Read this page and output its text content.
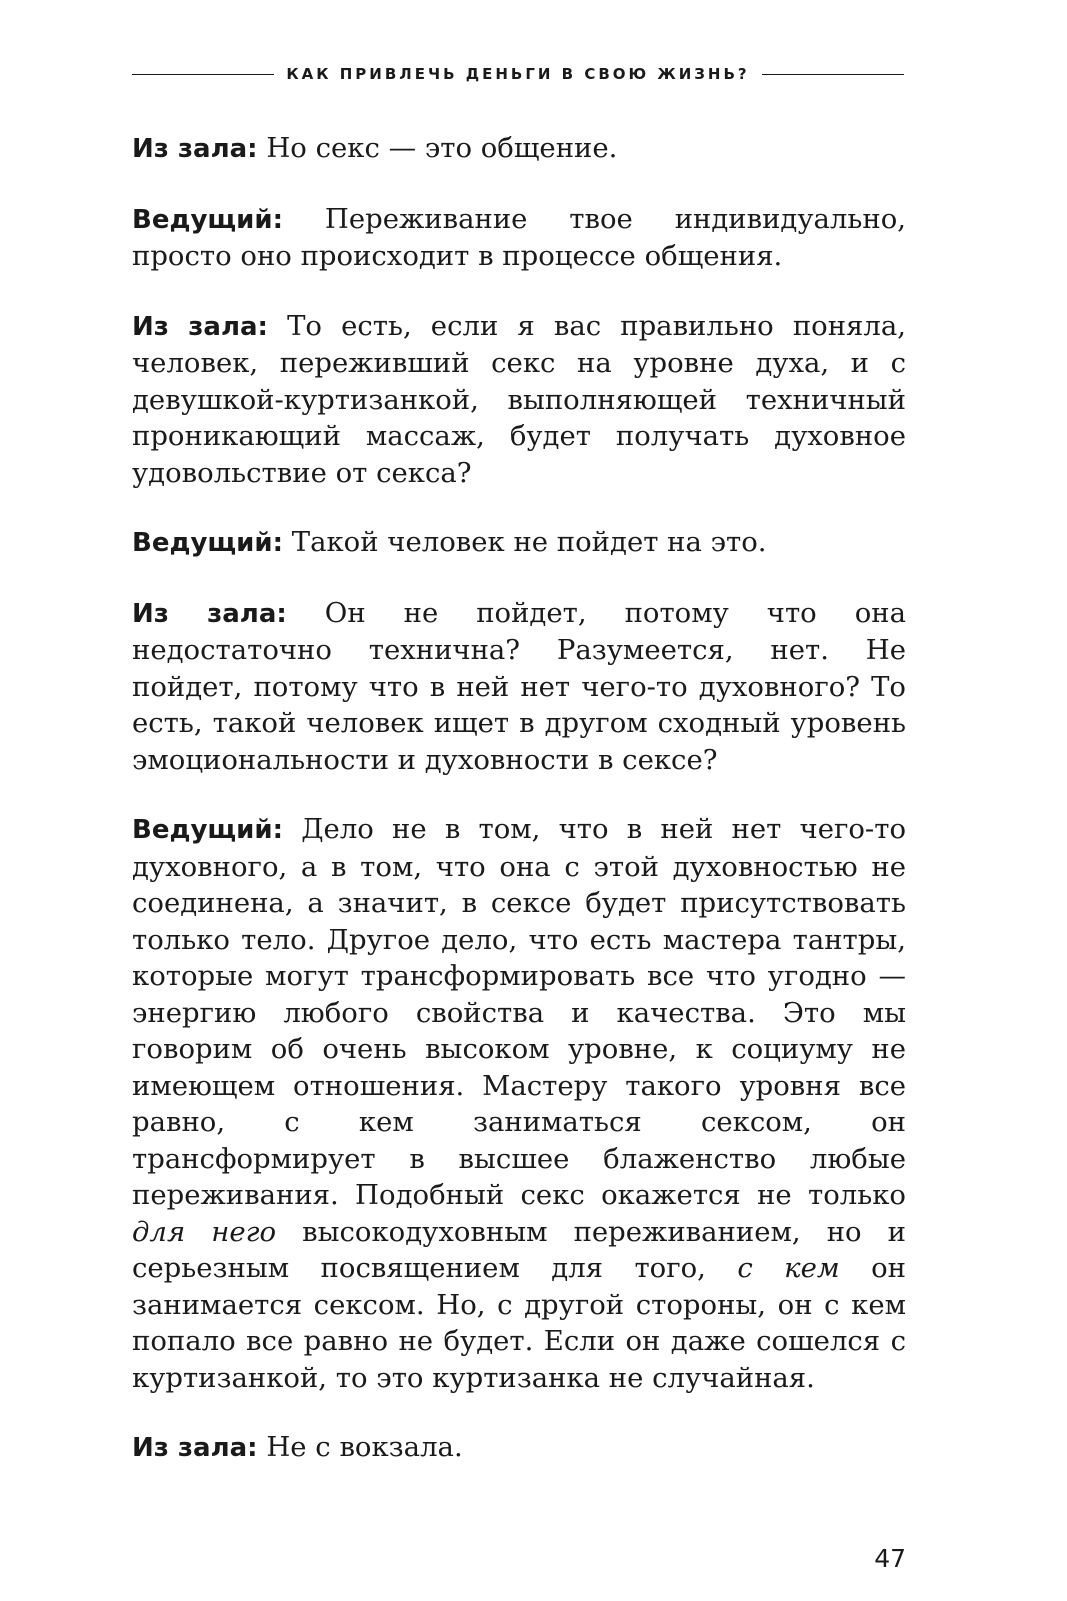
КАК ПРИВЛЕЧЬ ДЕНЬГИ В СВОЮ ЖИЗНЬ?

Из зала: Но секс — это общение.

Ведущий: Переживание твое индивидуально, просто оно происходит в процессе общения.

Из зала: То есть, если я вас правильно поняла, человек, переживший секс на уровне духа, и с девушкой-куртизанкой, выполняющей техничный проникающий массаж, будет получать духовное удовольствие от секса?

Ведущий: Такой человек не пойдет на это.

Из зала: Он не пойдет, потому что она недостаточно технична? Разумеется, нет. Не пойдет, потому что в ней нет чего-то духовного? То есть, такой человек ищет в другом сходный уровень эмоциональности и духовности в сексе?

Ведущий: Дело не в том, что в ней нет чего-то духовного, а в том, что она с этой духовностью не соединена, а значит, в сексе будет присутствовать только тело. Другое дело, что есть мастера тантры, которые могут трансформировать все что угодно — энергию любого свойства и качества. Это мы говорим об очень высоком уровне, к социуму не имеющем отношения. Мастеру такого уровня все равно, с кем заниматься сексом, он трансформирует в высшее блаженство любые переживания. Подобный секс окажется не только для него высокодуховным переживанием, но и серьезным посвящением для того, с кем он занимается сексом. Но, с другой стороны, он с кем попало все равно не будет. Если он даже сошелся с куртизанкой, то это куртизанка не случайная.

Из зала: Не с вокзала.

47
